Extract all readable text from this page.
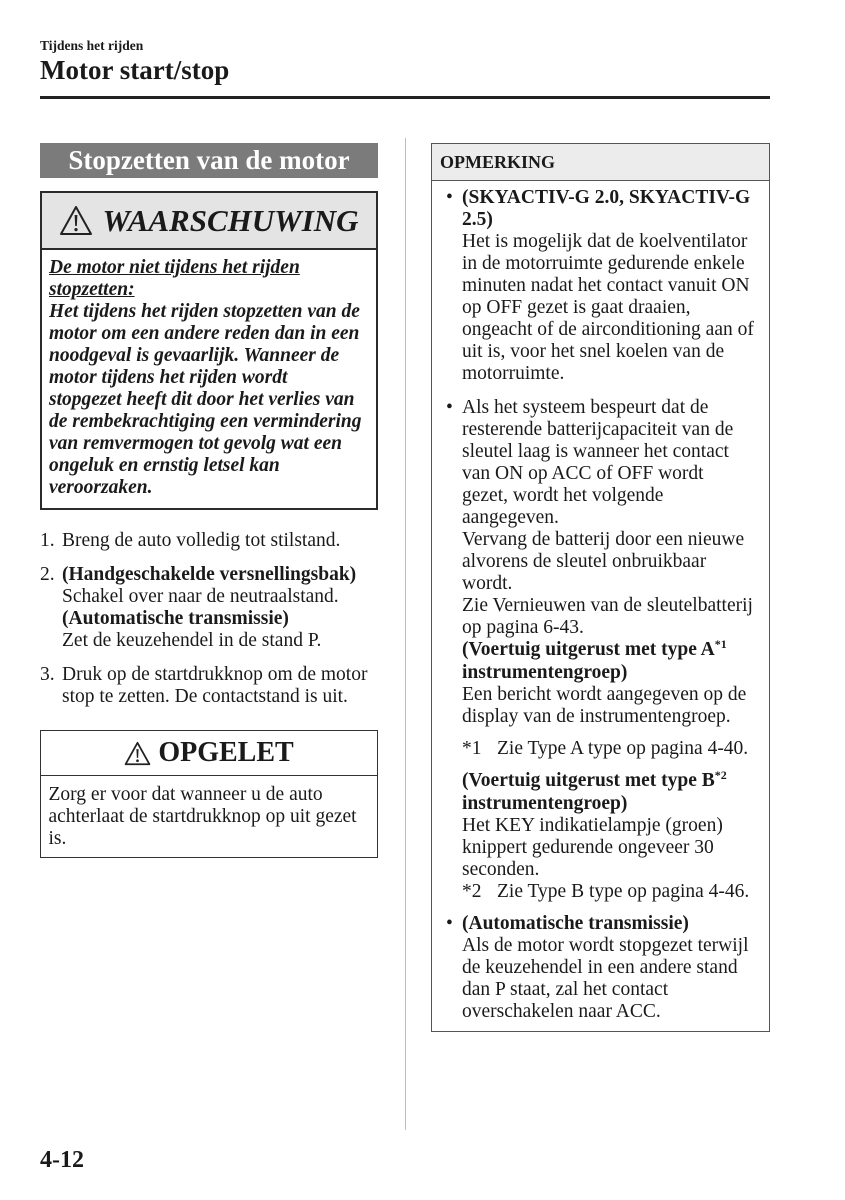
Tijdens het rijden
Motor start/stop
Stopzetten van de motor
WAARSCHUWING
De motor niet tijdens het rijden
stopzetten:
Het tijdens het rijden stopzetten van de
motor om een andere reden dan in een
noodgeval is gevaarlijk. Wanneer de
motor tijdens het rijden wordt
stopgezet heeft dit door het verlies van
de rembekrachtiging een vermindering
van remvermogen tot gevolg wat een
ongeluk en ernstig letsel kan
veroorzaken.
1. Breng de auto volledig tot stilstand.
2. (Handgeschakelde versnellingsbak)
Schakel over naar de neutraalstand.
(Automatische transmissie)
Zet de keuzehendel in de stand P.
3. Druk op de startdrukknop om de motor
stop te zetten. De contactstand is uit.
OPGELET
Zorg er voor dat wanneer u de auto
achterlaat de startdrukknop op uit gezet
is.
OPMERKING
• (SKYACTIV-G 2.0, SKYACTIV-G
2.5)
Het is mogelijk dat de koelventilator
in de motorruimte gedurende enkele
minuten nadat het contact vanuit ON
op OFF gezet is gaat draaien,
ongeacht of de airconditioning aan of
uit is, voor het snel koelen van de
motorruimte.
• Als het systeem bespeurt dat de
resterende batterijcapaciteit van de
sleutel laag is wanneer het contact
van ON op ACC of OFF wordt
gezet, wordt het volgende
aangegeven.
Vervang de batterij door een nieuwe
alvorens de sleutel onbruikbaar
wordt.
Zie Vernieuwen van de sleutelbatterij
op pagina 6-43.
(Voertuig uitgerust met type $A^{*1}$
instrumentengroep)
Een bericht wordt aangegeven op de
display van de instrumentengroep.
*1 Zie Type A type op pagina 4-40.
(Voertuig uitgerust met type $B^{*2}$
instrumentengroep)
Het KEY indikatielampje (groen)
knippert gedurende ongeveer 30
seconden.
*2 Zie Type B type op pagina 4-46.
• (Automatische transmissie)
Als de motor wordt stopgezet terwijl
de keuzehendel in een andere stand
dan P staat, zal het contact
overschakelen naar ACC.
4-12
